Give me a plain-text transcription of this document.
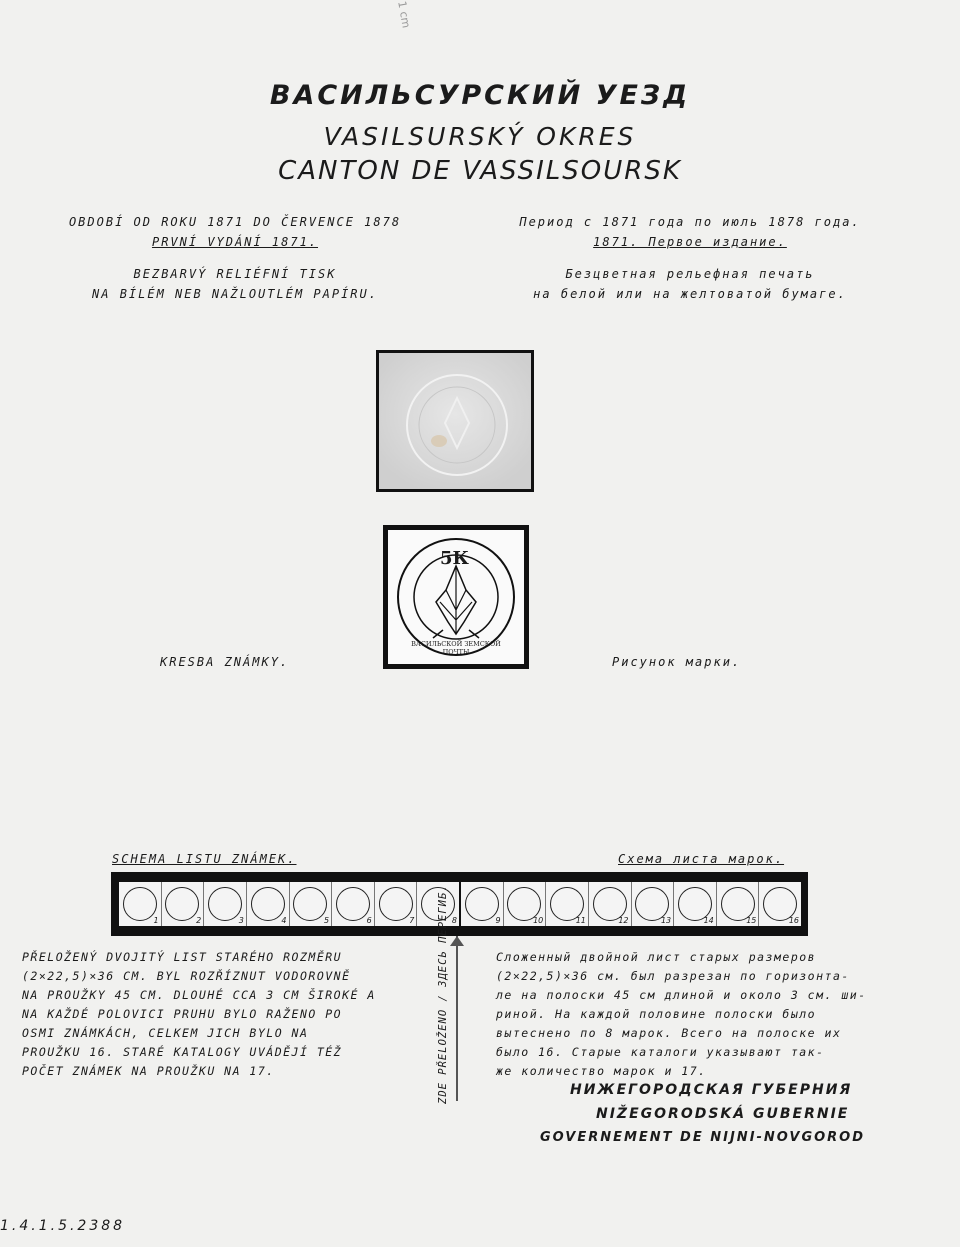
1 cm
ВАСИЛЬСУРСКИЙ УЕЗД
VASILSURSKÝ OKRES
CANTON DE VASSILSOURSK
OBDOBÍ OD ROKU 1871 DO ČERVENCE 1878
PRVNÍ VYDÁNÍ 1871.
BEZBARVÝ RELIÉFNÍ TISK
NA BÍLÉM NEB NAŽLOUTLÉM PAPÍRU.
Период с 1871 года по июль 1878 года.
1871. Первое издание.
Безцветная рельефная печать
на белой или на желтоватой бумаге.
5К
ВАСИЛЬСКОЙ ЗЕМСКОЙ ПОЧТЫ
KRESBA ZNÁMKY.	Рисунок марки.
SCHEMA LISTU ZNÁMEK.	Схема листа марок.
1	2	3	4	5	6	7	8	9	10	11	12	13	14	15	16
ZDE PŘELOŽENO / ЗДЕСЬ ПЕРЕГИБ.
PŘELOŽENÝ DVOJITÝ LIST STARÉHO ROZMĚRU
(2×22,5)×36 CM. BYL ROZŘÍZNUT VODOROVNĚ
NA PROUŽKY 45 CM. DLOUHÉ CCA 3 CM ŠIROKÉ A
NA KAŽDÉ POLOVICI PRUHU BYLO RAŽENO PO
OSMI ZNÁMKÁCH, CELKEM JICH BYLO NA
PROUŽKU 16. STARÉ KATALOGY UVÁDĚJÍ TÉŽ
POČET ZNÁMEK NA PROUŽKU NA 17.
Сложенный двойной лист старых размеров
(2×22,5)×36 см. был разрезан по горизонта-
ле на полоски 45 см длиной и около 3 см. ши-
риной. На каждой половине полоски было
вытеснено по 8 марок. Всего на полоске их
было 16. Старые каталоги указывают так-
же количество марок и 17.
НИЖЕГОРОДСКАЯ ГУБЕРНИЯ
NIŽEGORODSKÁ GUBERNIE
GOVERNEMENT DE NIJNI-NOVGOROD
1.4.1.5.2388
